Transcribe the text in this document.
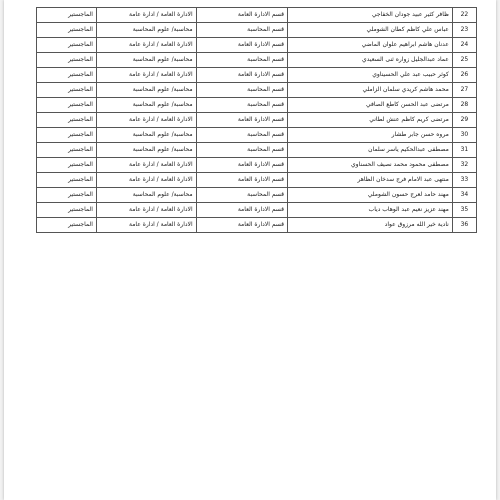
22	ظافر كثير عبيد جودان الخفاجي	قسم الادارة العامة	الادارة العامة / ادارة عامة	الماجستير
23	عباس علي كاظم كطان الشوملي	قسم المحاسبة	محاسبة/ علوم المحاسبة	الماجستير
24	عدنان هاشم ابراهيم علوان الماضي	قسم الادارة العامة	الادارة العامة / ادارة عامة	الماجستير
25	عماد عبدالجليل زواره ثنى السعيدي	قسم المحاسبة	محاسبة/ علوم المحاسبة	الماجستير
26	كوثر حبيب عبد علي الحسيناوي	قسم الادارة العامة	الادارة العامة / ادارة عامة	الماجستير
27	محمد هاشم كريدي سلمان الزاملي	قسم المحاسبة	محاسبة/ علوم المحاسبة	الماجستير
28	مرتضى عبد الحسن كاطع الصافي	قسم المحاسبة	محاسبة/ علوم المحاسبة	الماجستير
29	مرتضى كريم كاظم عنش لطاني	قسم الادارة العامة	الادارة العامة / ادارة عامة	الماجستير
30	مروه حسن جابر طشار	قسم المحاسبة	محاسبة/ علوم المحاسبة	الماجستير
31	مصطفى عبدالحكيم ياسر سلمان	قسم المحاسبة	محاسبة/ علوم المحاسبة	الماجستير
32	مصطفى محمود محمد نصيف الحسناوي	قسم الادارة العامة	الادارة العامة / ادارة عامة	الماجستير
33	منتهى عبد الامام فرج سدخان الظاهر	قسم الادارة العامة	الادارة العامة / ادارة عامة	الماجستير
34	مهند حامد لعرج حسون الشوملي	قسم المحاسبة	محاسبة/ علوم المحاسبة	الماجستير
35	مهند عزيز نعيم عبد الوهاب دياب	قسم الادارة العامة	الادارة العامة / ادارة عامة	الماجستير
36	نادية خير الله مرزوق عواد	قسم الادارة العامة	الادارة العامة / ادارة عامة	الماجستير
